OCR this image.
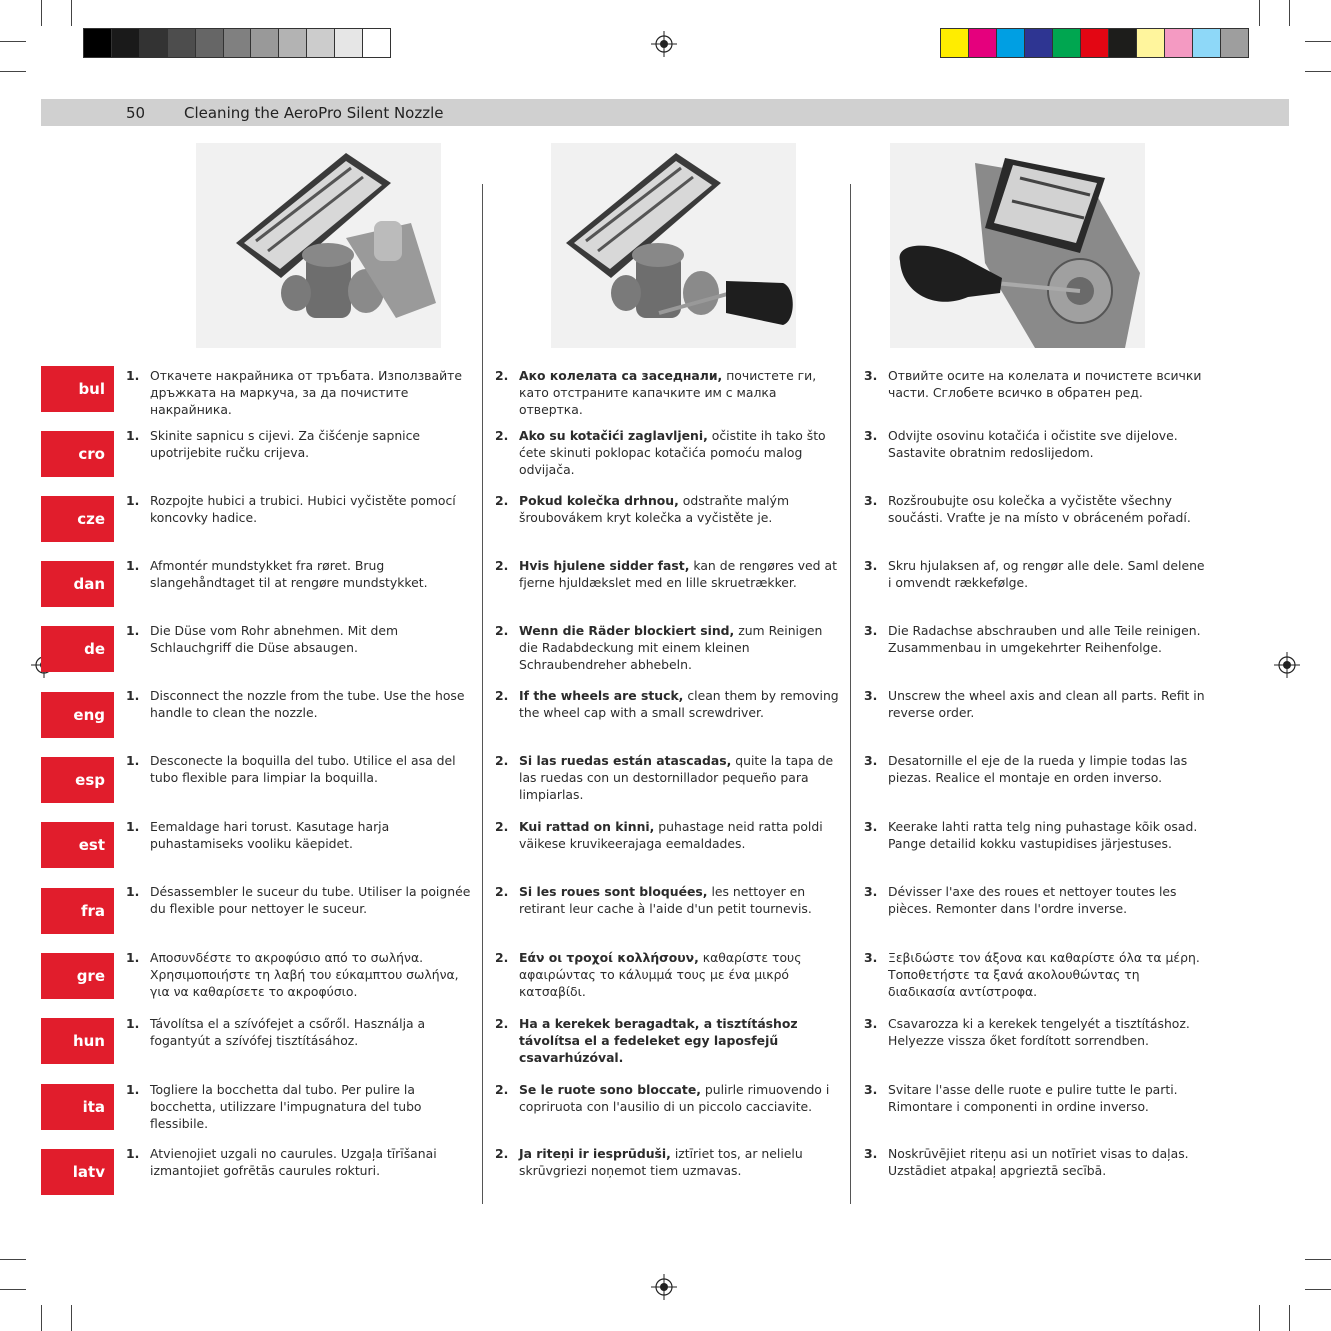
50	Cleaning the AeroPro Silent Nozzle
bul
1. Откачете накрайника от тръбата. Използвайте дръжката на маркуча, за да почистите накрайника.
2. Ако колелата са заседнали, почистете ги, като отстраните капачките им с малка отвертка.
3. Отвийте осите на колелата и почистете всички части. Сглобете всичко в обратен ред.
cro
1. Skinite sapnicu s cijevi. Za čišćenje sapnice upotrijebite ručku crijeva.
2. Ako su kotačići zaglavljeni, očistite ih tako što ćete skinuti poklopac kotačića pomoću malog odvijača.
3. Odvijte osovinu kotačića i očistite sve dijelove. Sastavite obratnim redoslijedom.
cze
1. Rozpojte hubici a trubici. Hubici vyčistěte pomocí koncovky hadice.
2. Pokud kolečka drhnou, odstraňte malým šroubovákem kryt kolečka a vyčistěte je.
3. Rozšroubujte osu kolečka a vyčistěte všechny součásti. Vraťte je na místo v obráceném pořadí.
dan
1. Afmontér mundstykket fra røret. Brug slangehåndtaget til at rengøre mundstykket.
2. Hvis hjulene sidder fast, kan de rengøres ved at fjerne hjuldækslet med en lille skruetrækker.
3. Skru hjulaksen af, og rengør alle dele. Saml delene i omvendt rækkefølge.
de
1. Die Düse vom Rohr abnehmen. Mit dem Schlauchgriff die Düse absaugen.
2. Wenn die Räder blockiert sind, zum Reinigen die Radabdeckung mit einem kleinen Schraubendreher abhebeln.
3. Die Radachse abschrauben und alle Teile reinigen. Zusammenbau in umgekehrter Reihenfolge.
eng
1. Disconnect the nozzle from the tube. Use the hose handle to clean the nozzle.
2. If the wheels are stuck, clean them by removing the wheel cap with a small screwdriver.
3. Unscrew the wheel axis and clean all parts. Refit in reverse order.
esp
1. Desconecte la boquilla del tubo. Utilice el asa del tubo flexible para limpiar la boquilla.
2. Si las ruedas están atascadas, quite la tapa de las ruedas con un destornillador pequeño para limpiarlas.
3. Desatornille el eje de la rueda y limpie todas las piezas. Realice el montaje en orden inverso.
est
1. Eemaldage hari torust. Kasutage harja puhastamiseks vooliku käepidet.
2. Kui rattad on kinni, puhastage neid ratta poldi väikese kruvikeerajaga eemaldades.
3. Keerake lahti ratta telg ning puhastage kõik osad. Pange detailid kokku vastupidises järjestuses.
fra
1. Désassembler le suceur du tube. Utiliser la poignée du flexible pour nettoyer le suceur.
2. Si les roues sont bloquées, les nettoyer en retirant leur cache à l'aide d'un petit tournevis.
3. Dévisser l'axe des roues et nettoyer toutes les pièces. Remonter dans l'ordre inverse.
gre
1. Αποσυνδέστε το ακροφύσιο από το σωλήνα. Χρησιμοποιήστε τη λαβή του εύκαμπτου σωλήνα, για να καθαρίσετε το ακροφύσιο.
2. Εάν οι τροχοί κολλήσουν, καθαρίστε τους αφαιρώντας το κάλυμμά τους με ένα μικρό κατσαβίδι.
3. Ξεβιδώστε τον άξονα και καθαρίστε όλα τα μέρη. Τοποθετήστε τα ξανά ακολουθώντας τη διαδικασία αντίστροφα.
hun
1. Távolítsa el a szívófejet a csőről. Használja a fogantyút a szívófej tisztításához.
2. Ha a kerekek beragadtak, a tisztításhoz távolítsa el a fedeleket egy laposfejű csavarhúzóval.
3. Csavarozza ki a kerekek tengelyét a tisztításhoz. Helyezze vissza őket fordított sorrendben.
ita
1. Togliere la bocchetta dal tubo. Per pulire la bocchetta, utilizzare l'impugnatura del tubo flessibile.
2. Se le ruote sono bloccate, pulirle rimuovendo i copriruota con l'ausilio di un piccolo cacciavite.
3. Svitare l'asse delle ruote e pulire tutte le parti. Rimontare i componenti in ordine inverso.
latv
1. Atvienojiet uzgali no caurules. Uzgaļa tīrīšanai izmantojiet gofrētās caurules rokturi.
2. Ja riteņi ir iesprūduši, iztīriet tos, ar nelielu skrūvgriezi noņemot tiem uzmavas.
3. Noskrūvējiet riteņu asi un notīriet visas to daļas. Uzstādiet atpakaļ apgrieztā secībā.
